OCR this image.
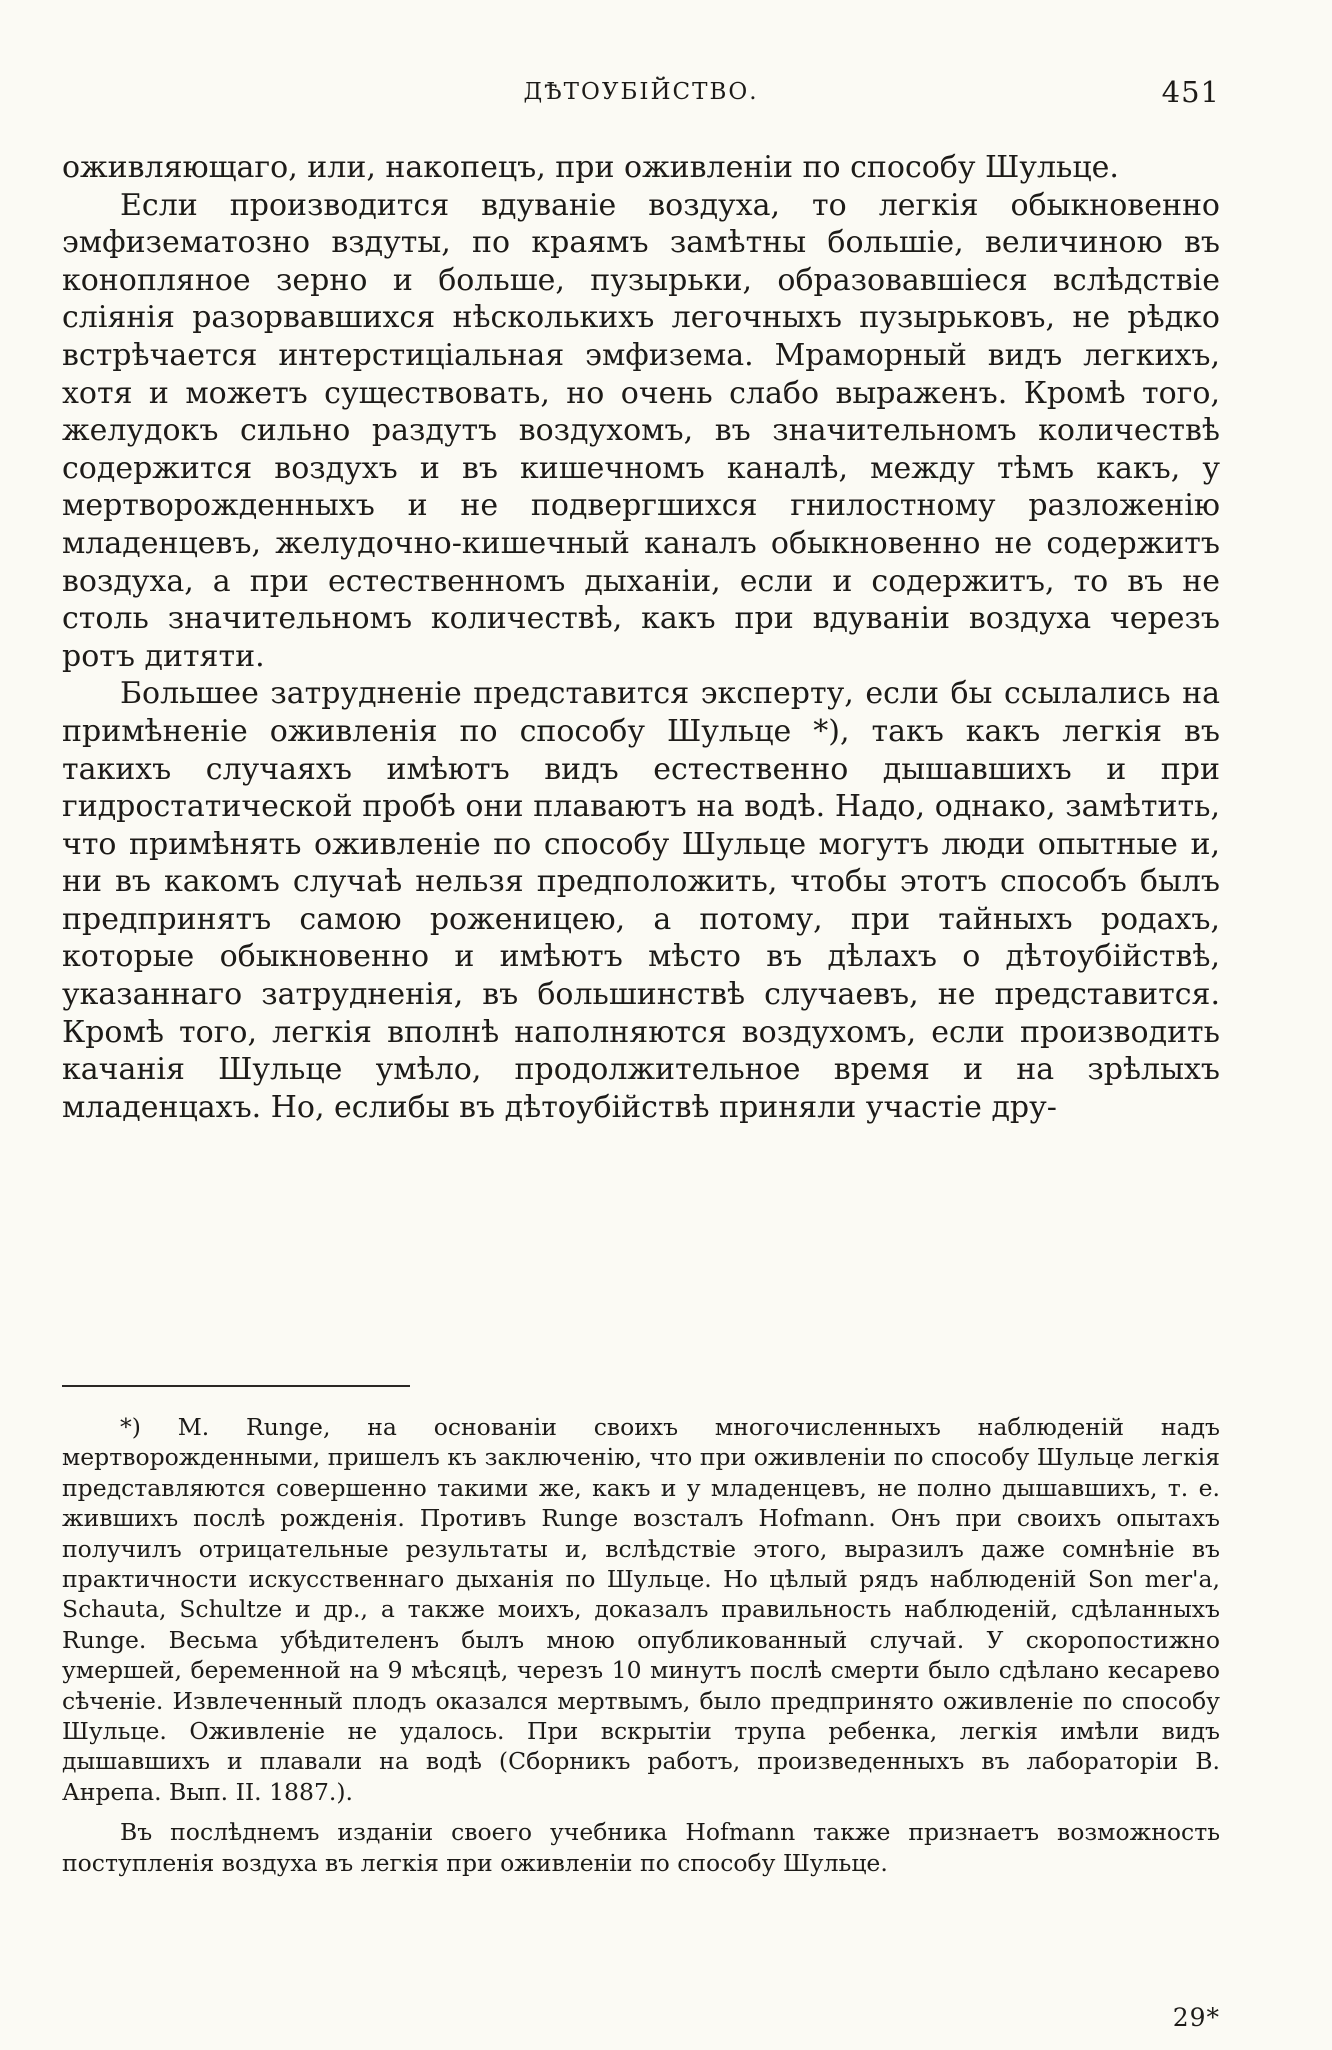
ДѢТОУБІЙСТВО.	451

оживляющаго, или, накопецъ, при оживленіи по способу Шульце.

Если производится вдуваніе воздуха, то легкія обыкновенно эмфизематозно вздуты, по краямъ замѣтны большіе, величиною въ конопляное зерно и больше, пузырьки, образовавшіеся вслѣдствіе слiянiя разорвавшихся нѣсколькихъ легочныхъ пузырьковъ, не рѣдко встрѣчается интерстиціальная эмфизема. Мраморный видъ легкихъ, хотя и можетъ существовать, но очень слабо выраженъ. Кромѣ того, желудокъ сильно раздутъ воздухомъ, въ значительномъ количествѣ содержится воздухъ и въ кишечномъ каналѣ, между тѣмъ какъ, у мертворожденныхъ и не подвергшихся гнилостному разложенію младенцевъ, желудочно-кишечный каналъ обыкновенно не содержитъ воздуха, а при естественномъ дыханіи, если и содержитъ, то въ не столь значительномъ количествѣ, какъ при вдуваніи воздуха черезъ ротъ дитяти.

Большее затрудненіе представится эксперту, если бы ссылались на примѣненіе оживленія по способу Шульце *), такъ какъ легкія въ такихъ случаяхъ имѣютъ видъ естественно дышавшихъ и при гидростатической пробѣ они плаваютъ на водѣ. Надо, однако, замѣтить, что примѣнять оживленіе по способу Шульце могутъ люди опытные и, ни въ какомъ случаѣ нельзя предположить, чтобы этотъ способъ былъ предпринятъ самою роженицею, а потому, при тайныхъ родахъ, которые обыкновенно и имѣютъ мѣсто въ дѣлахъ о дѣтоубійствѣ, указаннаго затрудненія, въ большинствѣ случаевъ, не представится. Кромѣ того, легкія вполнѣ наполняются воздухомъ, если производить качанія Шульце умѣло, продолжительное время и на зрѣлыхъ младенцахъ. Но, еслибы въ дѣтоубійствѣ приняли участіе дру-

*) M. Runge, на основаніи своихъ многочисленныхъ наблюденій надъ мертворожденными, пришелъ къ заключенію, что при оживленіи по способу Шульце легкія представляются совершенно такими же, какъ и у младенцевъ, не полно дышавшихъ, т. е. жившихъ послѣ рожденія. Противъ Runge возсталъ Hofmann. Онъ при своихъ опытахъ получилъ отрицательные результаты и, вслѣдствіе этого, выразилъ даже сомнѣніе въ практичности искусственнаго дыханія по Шульце. Но цѣлый рядъ наблюденій Son mer'a, Schauta, Schultze и др., а также моихъ, доказалъ правильность наблюденій, сдѣланныхъ Runge. Весьма убѣдителенъ былъ мною опубликованный случай. У скоропостижно умершей, беременной на 9 мѣсяцѣ, черезъ 10 минутъ послѣ смерти было сдѣлано кесарево сѣченіе. Извлеченный плодъ оказался мертвымъ, было предпринято оживленіе по способу Шульце. Оживленіе не удалось. При вскрытіи трупа ребенка, легкія имѣли видъ дышавшихъ и плавали на водѣ (Сборникъ работъ, произведенныхъ въ лабораторіи В. Анрепа. Вып. II. 1887.).

Въ послѣднемъ изданіи своего учебника Hofmann также признаетъ возможность поступленія воздуха въ легкія при оживленіи по способу Шульце.

29*
